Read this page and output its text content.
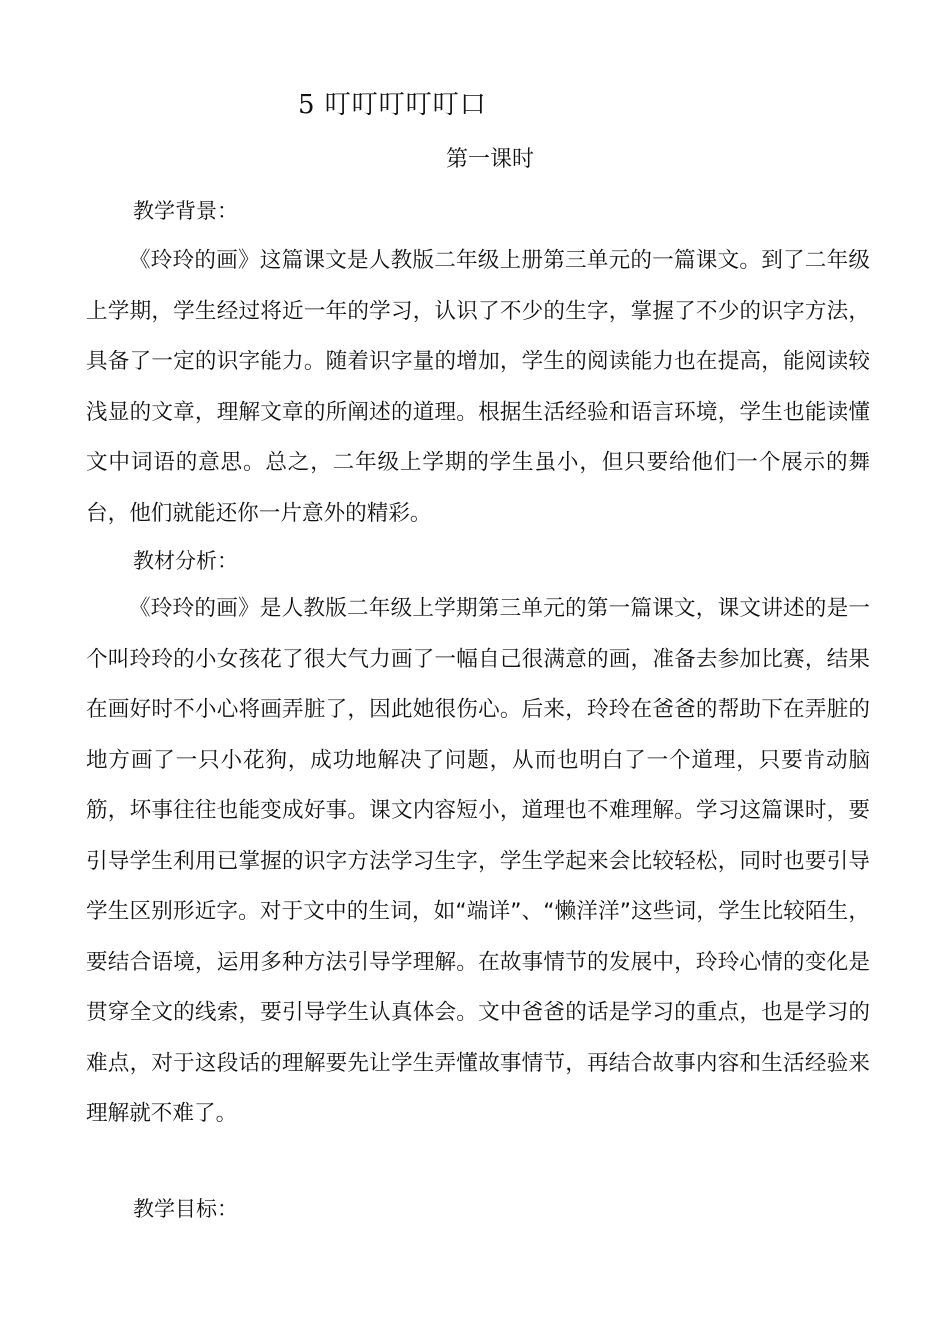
5 叮叮叮叮叮口
第一课时
教学背景：

《玲玲的画》这篇课文是人教版二年级上册第三单元的一篇课文。到了二年级上学期，学生经过将近一年的学习，认识了不少的生字，掌握了不少的识字方法，具备了一定的识字能力。随着识字量的增加，学生的阅读能力也在提高，能阅读较浅显的文章，理解文章的所阐述的道理。根据生活经验和语言环境，学生也能读懂文中词语的意思。总之，二年级上学期的学生虽小，但只要给他们一个展示的舞台，他们就能还你一片意外的精彩。

教材分析：

《玲玲的画》是人教版二年级上学期第三单元的第一篇课文，课文讲述的是一个叫玲玲的小女孩花了很大气力画了一幅自己很满意的画，准备去参加比赛，结果在画好时不小心将画弄脏了，因此她很伤心。后来，玲玲在爸爸的帮助下在弄脏的地方画了一只小花狗，成功地解决了问题，从而也明白了一个道理，只要肯动脑筋，坏事往往也能变成好事。课文内容短小，道理也不难理解。学习这篇课时，要引导学生利用已掌握的识字方法学习生字，学生学起来会比较轻松，同时也要引导学生区别形近字。对于文中的生词，如“端详”、“懒洋洋”这些词，学生比较陌生，要结合语境，运用多种方法引导学理解。在故事情节的发展中，玲玲心情的变化是贯穿全文的线索，要引导学生认真体会。文中爸爸的话是学习的重点，也是学习的难点，对于这段话的理解要先让学生弄懂故事情节，再结合故事内容和生活经验来理解就不难了。

教学目标：
